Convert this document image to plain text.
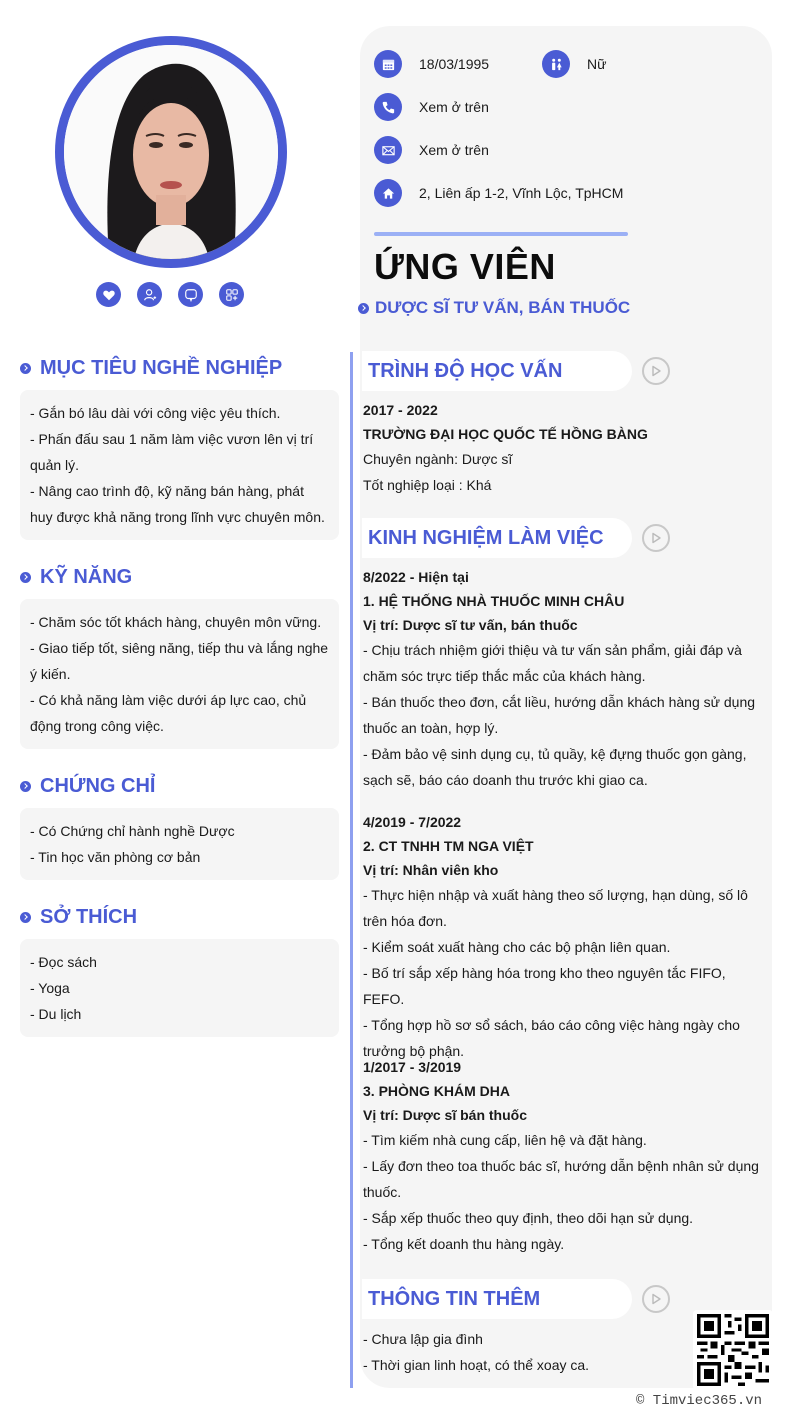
18/03/1995	Nữ
Xem ở trên
Xem ở trên
2, Liên ấp 1-2, Vĩnh Lộc, TpHCM
ỨNG VIÊN
DƯỢC SĨ TƯ VẤN, BÁN THUỐC
MỤC TIÊU NGHỀ NGHIỆP
- Gắn bó lâu dài với công việc yêu thích.
- Phấn đấu sau 1 năm làm việc vươn lên vị trí quản lý.
- Nâng cao trình độ, kỹ năng bán hàng, phát huy được khả năng trong lĩnh vực chuyên môn.
KỸ NĂNG
- Chăm sóc tốt khách hàng, chuyên môn vững.
- Giao tiếp tốt, siêng năng, tiếp thu và lắng nghe ý kiến.
- Có khả năng làm việc dưới áp lực cao, chủ động trong công việc.
CHỨNG CHỈ
- Có Chứng chỉ hành nghề Dược
- Tin học văn phòng cơ bản
SỞ THÍCH
- Đọc sách
- Yoga
- Du lịch
TRÌNH ĐỘ HỌC VẤN
2017 - 2022
TRƯỜNG ĐẠI HỌC QUỐC TẾ HỒNG BÀNG
Chuyên ngành: Dược sĩ
Tốt nghiệp loại : Khá
KINH NGHIỆM LÀM VIỆC
8/2022 - Hiện tại
1. HỆ THỐNG NHÀ THUỐC MINH CHÂU
Vị trí: Dược sĩ tư vấn, bán thuốc
- Chịu trách nhiệm giới thiệu và tư vấn sản phẩm, giải đáp và chăm sóc trực tiếp thắc mắc của khách hàng.
- Bán thuốc theo đơn, cắt liều, hướng dẫn khách hàng sử dụng thuốc an toàn, hợp lý.
- Đảm bảo vệ sinh dụng cụ, tủ quầy, kệ đựng thuốc gọn gàng, sạch sẽ, báo cáo doanh thu trước khi giao ca.
4/2019 - 7/2022
2. CT TNHH TM NGA VIỆT
Vị trí: Nhân viên kho
- Thực hiện nhập và xuất hàng theo số lượng, hạn dùng, số lô trên hóa đơn.
- Kiểm soát xuất hàng cho các bộ phận liên quan.
- Bố trí sắp xếp hàng hóa trong kho theo nguyên tắc FIFO, FEFO.
- Tổng hợp hồ sơ sổ sách, báo cáo công việc hàng ngày cho trưởng bộ phận.
1/2017 - 3/2019
3. PHÒNG KHÁM DHA
Vị trí: Dược sĩ bán thuốc
- Tìm kiếm nhà cung cấp, liên hệ và đặt hàng.
- Lấy đơn theo toa thuốc bác sĩ, hướng dẫn bệnh nhân sử dụng thuốc.
- Sắp xếp thuốc theo quy định, theo dõi hạn sử dụng.
- Tổng kết doanh thu hàng ngày.
THÔNG TIN THÊM
- Chưa lập gia đình
- Thời gian linh hoạt, có thể xoay ca.
© Timviec365.vn
